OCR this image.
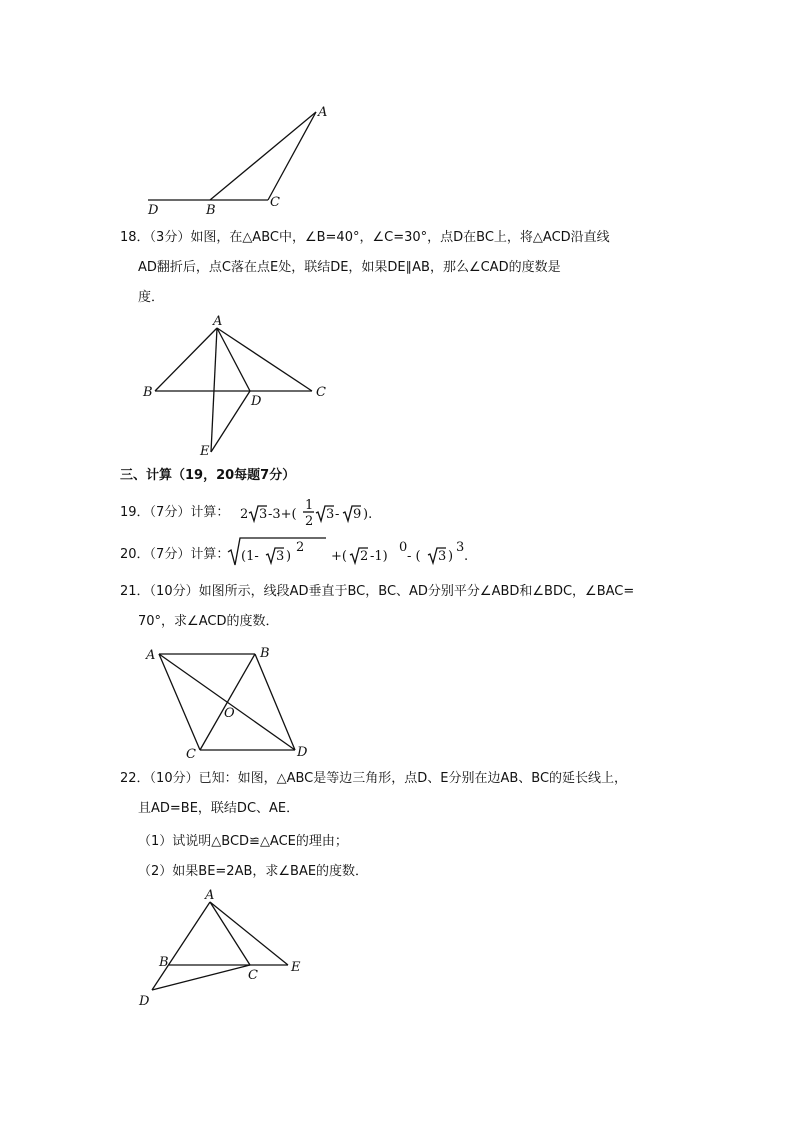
A
B
C
D
18．（3分）如图，在△ABC中，∠B=40°，∠C=30°，点D在BC上，将△ACD沿直线
AD翻折后，点C落在点E处，联结DE，如果DE∥AB，那么∠CAD的度数是
度．
A
B	C
D
E
三、计算（19，20每题7分）
19．（7分）计算： 2 3 -3+(
1
2 3 - 9 ).
20．（7分）计算： (1- 3 )
2
+( 2 -1)
0
- ( 3 )
3
.
21．（10分）如图所示，线段AD垂直于BC，BC、AD分别平分∠ABD和∠BDC，∠BAC=
70°，求∠ACD的度数．
A	B
C	D
O
22．（10分）已知：如图，△ABC是等边三角形，点D、E分别在边AB、BC的延长线上，
且AD=BE，联结DC、AE．
（1）试说明△BCD≌△ACE的理由；
（2）如果BE=2AB，求∠BAE的度数．
A
B
C
D
E
